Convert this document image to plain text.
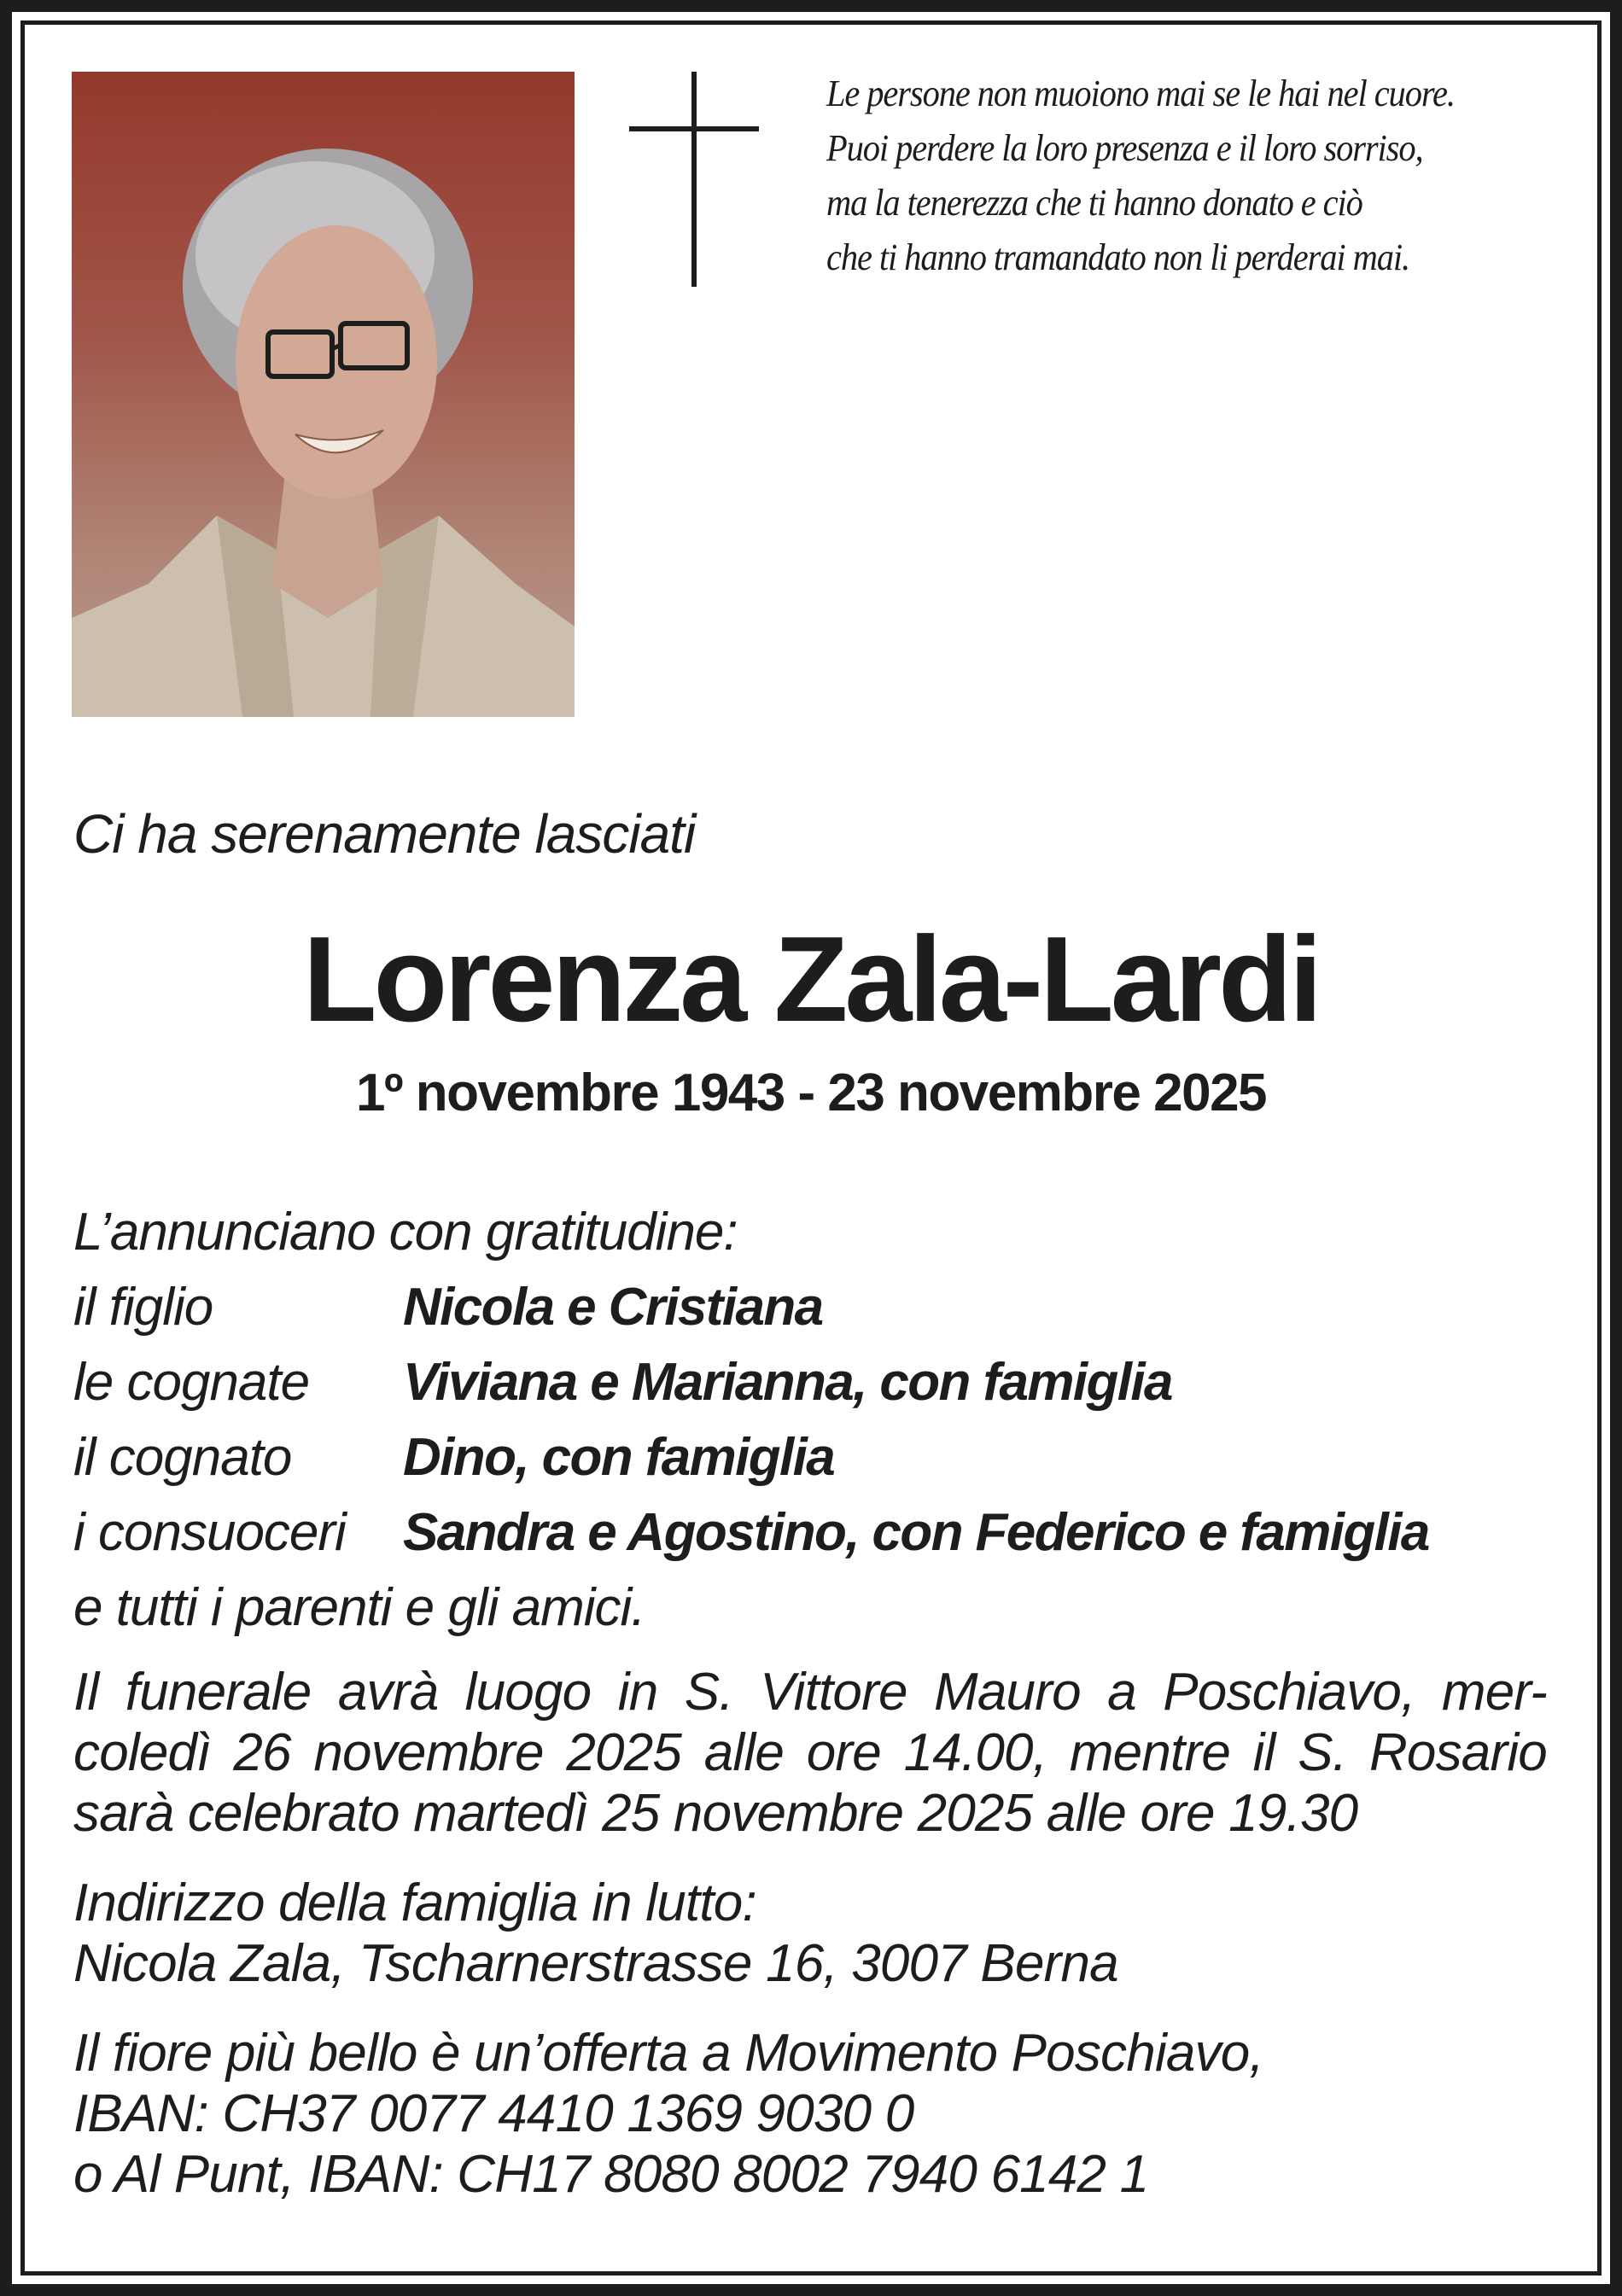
Le persone non muoiono mai se le hai nel cuore.
Puoi perdere la loro presenza e il loro sorriso,
ma la tenerezza che ti hanno donato e ciò
che ti hanno tramandato non li perderai mai.
Ci ha serenamente lasciati
Lorenza Zala-Lardi
1º novembre 1943 - 23 novembre 2025
L’annunciano con gratitudine:
il figlio	Nicola e Cristiana
le cognate	Viviana e Marianna, con famiglia
il cognato	Dino, con famiglia
i consuoceri	Sandra e Agostino, con Federico e famiglia
e tutti i parenti e gli amici.
Il funerale avrà luogo in S. Vittore Mauro a Poschiavo, mer-
coledì 26 novembre 2025 alle ore 14.00, mentre il S. Rosario
sarà celebrato martedì 25 novembre 2025 alle ore 19.30
Indirizzo della famiglia in lutto:
Nicola Zala, Tscharnerstrasse 16, 3007 Berna
Il fiore più bello è un’offerta a Movimento Poschiavo,
IBAN: CH37 0077 4410 1369 9030 0
o Al Punt, IBAN: CH17 8080 8002 7940 6142 1
